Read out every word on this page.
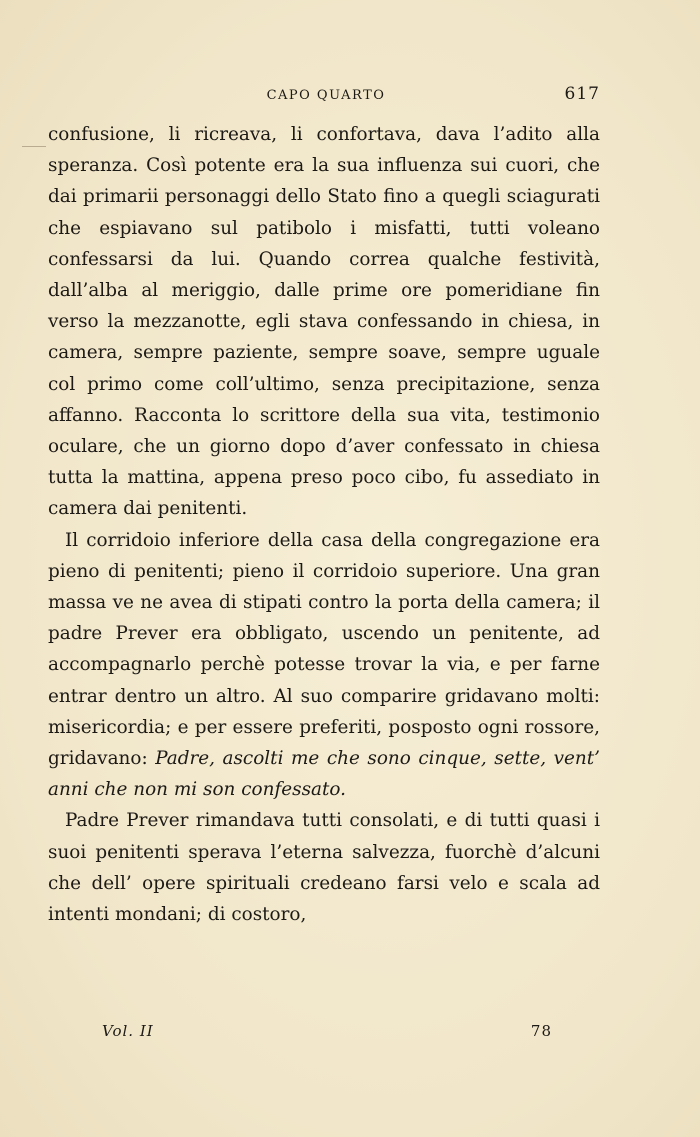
CAPO QUARTO	617

confusione, li ricreava, li confortava, dava l’adito alla speranza. Così potente era la sua influenza sui cuori, che dai primarii personaggi dello Stato fino a quegli sciagurati che espiavano sul patibolo i misfatti, tutti voleano confessarsi da lui. Quando correa qualche festività, dall’alba al meriggio, dalle prime ore pomeridiane fin verso la mezzanotte, egli stava confessando in chiesa, in camera, sempre paziente, sempre soave, sempre uguale col primo come coll’ultimo, senza precipitazione, senza affanno. Racconta lo scrittore della sua vita, testimonio oculare, che un giorno dopo d’aver confessato in chiesa tutta la mattina, appena preso poco cibo, fu assediato in camera dai penitenti.

Il corridoio inferiore della casa della congregazione era pieno di penitenti; pieno il corridoio superiore. Una gran massa ve ne avea di stipati contro la porta della camera; il padre Prever era obbligato, uscendo un penitente, ad accompagnarlo perchè potesse trovar la via, e per farne entrar dentro un altro. Al suo comparire gridavano molti: misericordia; e per essere preferiti, posposto ogni rossore, gridavano: Padre, ascolti me che sono cinque, sette, vent’ anni che non mi son confessato.

Padre Prever rimandava tutti consolati, e di tutti quasi i suoi penitenti sperava l’eterna salvezza, fuorchè d’alcuni che dell’ opere spirituali credeano farsi velo e scala ad intenti mondani; di costoro,

Vol. II	78
